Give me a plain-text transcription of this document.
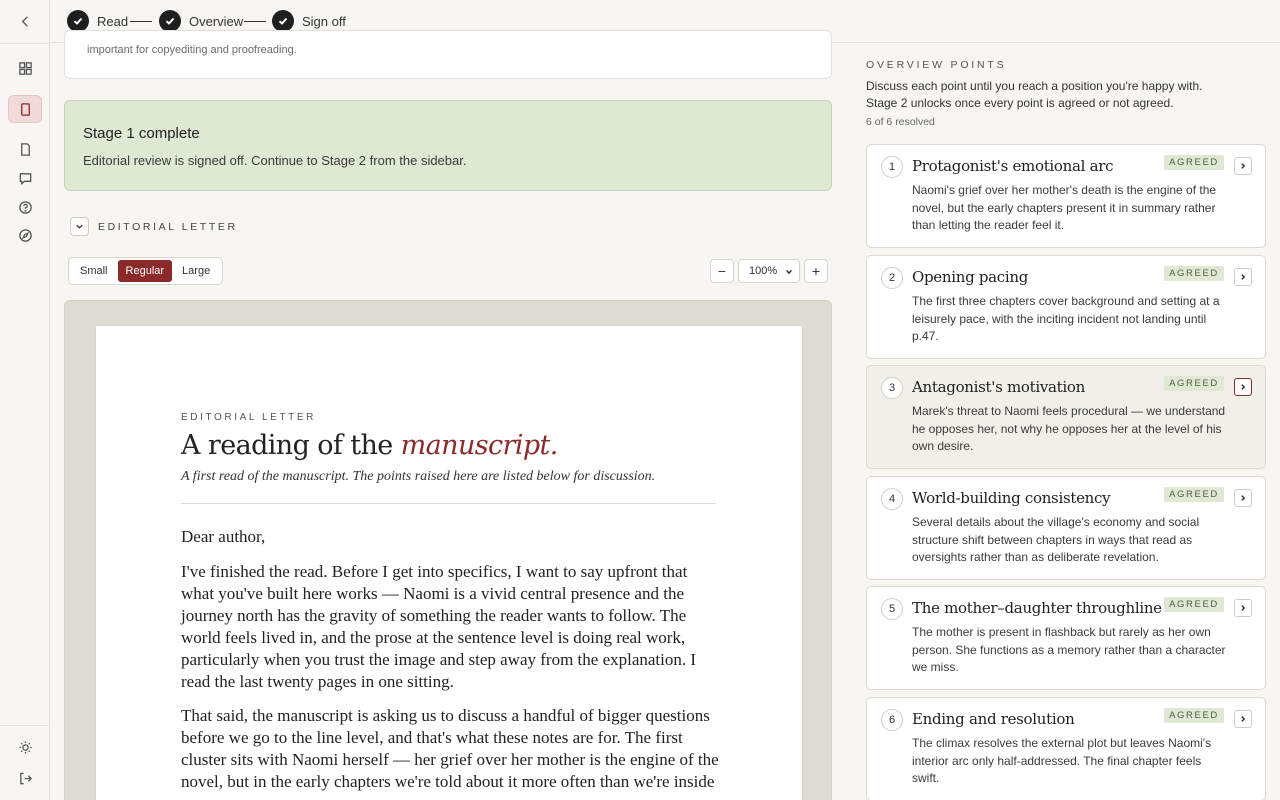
Read	Overview	Sign off
important for copyediting and proofreading.
Stage 1 complete
Editorial review is signed off. Continue to Stage 2 from the sidebar.
EDITORIAL LETTER
Small	Regular	Large	−	100%	+
EDITORIAL LETTER
A reading of the manuscript.
A first read of the manuscript. The points raised here are listed below for discussion.
Dear author,
I've finished the read. Before I get into specifics, I want to say upfront that what you've built here works — Naomi is a vivid central presence and the journey north has the gravity of something the reader wants to follow. The world feels lived in, and the prose at the sentence level is doing real work, particularly when you trust the image and step away from the explanation. I read the last twenty pages in one sitting.
That said, the manuscript is asking us to discuss a handful of bigger questions before we go to the line level, and that's what these notes are for. The first cluster sits with Naomi herself — her grief over her mother is the engine of the novel, but in the early chapters we're told about it more often than we're inside
OVERVIEW POINTS
Discuss each point until you reach a position you're happy with. Stage 2 unlocks once every point is agreed or not agreed.
6 of 6 resolved
1	Protagonist's emotional arc	AGREED
Naomi's grief over her mother's death is the engine of the novel, but the early chapters present it in summary rather than letting the reader feel it.
2	Opening pacing	AGREED
The first three chapters cover background and setting at a leisurely pace, with the inciting incident not landing until p.47.
3	Antagonist's motivation	AGREED
Marek's threat to Naomi feels procedural — we understand he opposes her, not why he opposes her at the level of his own desire.
4	World-building consistency	AGREED
Several details about the village's economy and social structure shift between chapters in ways that read as oversights rather than as deliberate revelation.
5	The mother–daughter throughline AGREED
The mother is present in flashback but rarely as her own person. She functions as a memory rather than a character we miss.
6	Ending and resolution	AGREED
The climax resolves the external plot but leaves Naomi's interior arc only half-addressed. The final chapter feels swift.
